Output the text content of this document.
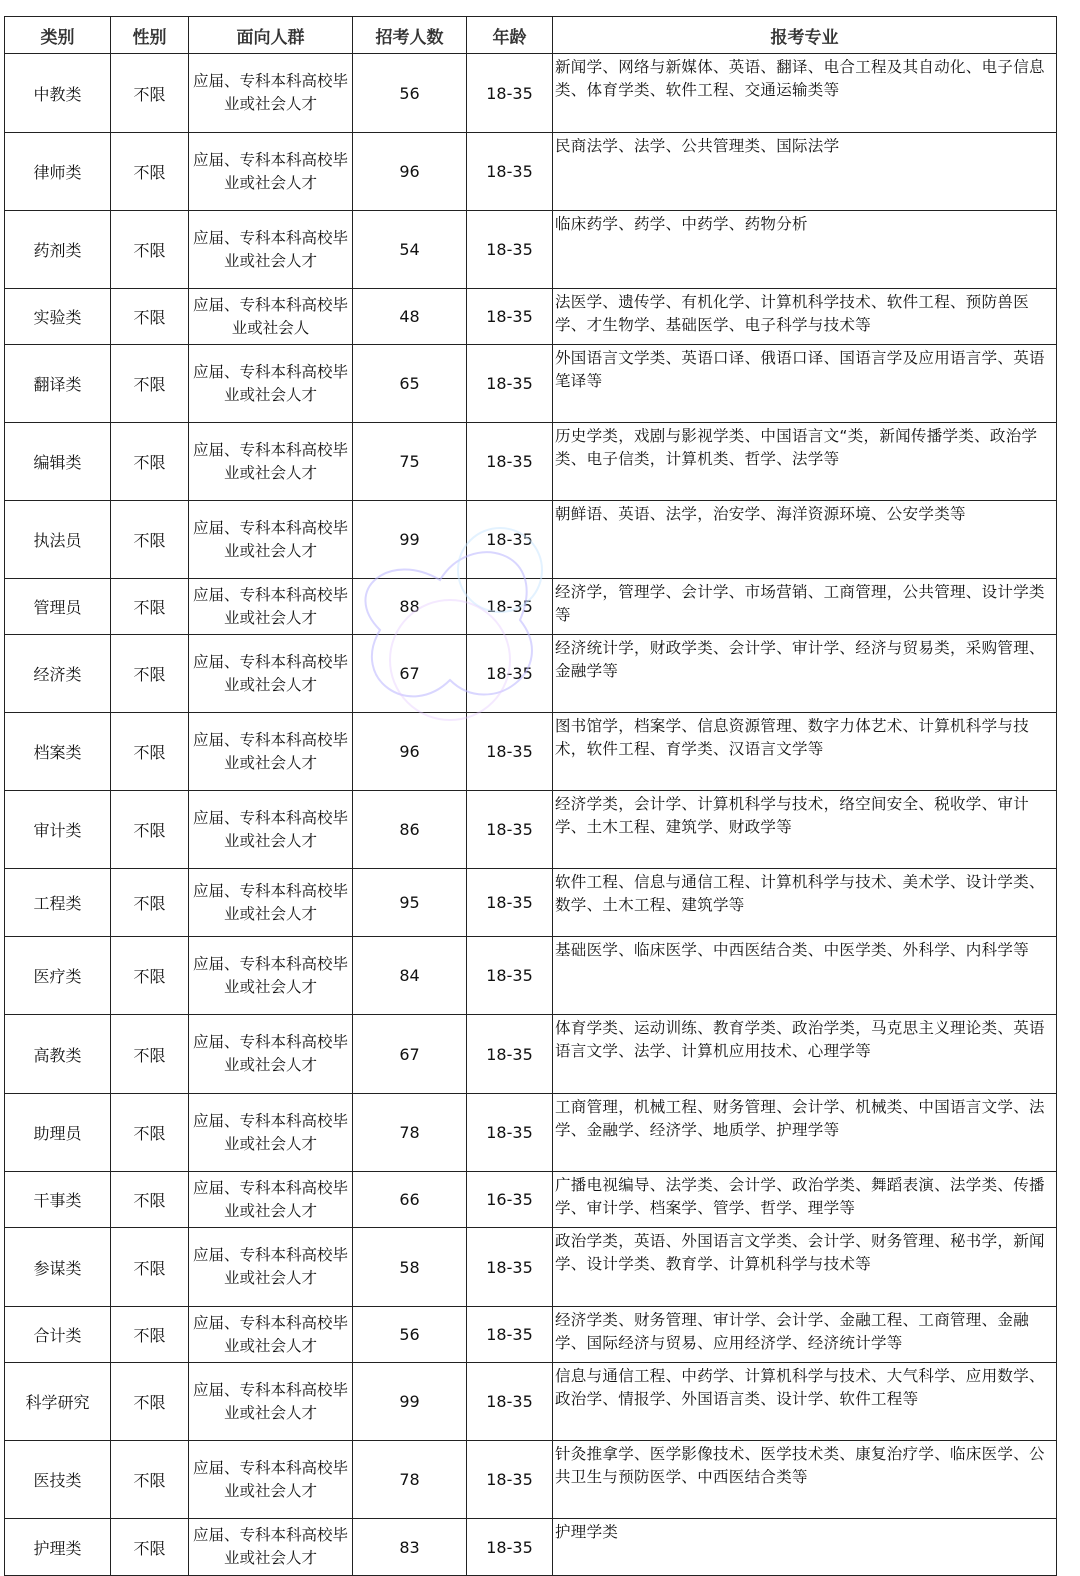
类别	性别	面向人群	招考人数	年龄	报考专业
中教类	不限	应届、专科本科高校毕业或社会人才	56	18-35	新闻学、网络与新媒体、英语、翻译、电合工程及其自动化、电子信息类、体育学类、软件工程、交通运输类等
律师类	不限	应届、专科本科高校毕业或社会人才	96	18-35	民商法学、法学、公共管理类、国际法学
药剂类	不限	应届、专科本科高校毕业或社会人才	54	18-35	临床药学、药学、中药学、药物分析
实验类	不限	应届、专科本科高校毕业或社会人	48	18-35	法医学、遗传学、有机化学、计算机科学技术、软件工程、预防兽医学、才生物学、基础医学、电子科学与技术等
翻译类	不限	应届、专科本科高校毕业或社会人才	65	18-35	外国语言文学类、英语口译、俄语口译、国语言学及应用语言学、英语笔译等
编辑类	不限	应届、专科本科高校毕业或社会人才	75	18-35	历史学类，戏剧与影视学类、中国语言文“类，新闻传播学类、政治学类、电子信类，计算机类、哲学、法学等
执法员	不限	应届、专科本科高校毕业或社会人才	99	18-35	朝鲜语、英语、法学，治安学、海洋资源环境、公安学类等
管理员	不限	应届、专科本科高校毕业或社会人才	88	18-35	经济学，管理学、会计学、市场营销、工商管理，公共管理、设计学类等
经济类	不限	应届、专科本科高校毕业或社会人才	67	18-35	经济统计学，财政学类、会计学、审计学、经济与贸易类，采购管理、金融学等
档案类	不限	应届、专科本科高校毕业或社会人才	96	18-35	图书馆学，档案学、信息资源管理、数字力体艺术、计算机科学与技术，软件工程、育学类、汉语言文学等
审计类	不限	应届、专科本科高校毕业或社会人才	86	18-35	经济学类，会计学、计算机科学与技术，络空间安全、税收学、审计学、土木工程、建筑学、财政学等
工程类	不限	应届、专科本科高校毕业或社会人才	95	18-35	软件工程、信息与通信工程、计算机科学与技术、美术学、设计学类、数学、土木工程、建筑学等
医疗类	不限	应届、专科本科高校毕业或社会人才	84	18-35	基础医学、临床医学、中西医结合类、中医学类、外科学、内科学等
高教类	不限	应届、专科本科高校毕业或社会人才	67	18-35	体育学类、运动训练、教育学类、政治学类，马克思主义理论类、英语语言文学、法学、计算机应用技术、心理学等
助理员	不限	应届、专科本科高校毕业或社会人才	78	18-35	工商管理，机械工程、财务管理、会计学、机械类、中国语言文学、法学、金融学、经济学、地质学、护理学等
干事类	不限	应届、专科本科高校毕业或社会人才	66	16-35	广播电视编导、法学类、会计学、政治学类、舞蹈表演、法学类、传播学、审计学、档案学、管学、哲学、理学等
参谋类	不限	应届、专科本科高校毕业或社会人才	58	18-35	政治学类，英语、外国语言文学类、会计学、财务管理、秘书学，新闻学、设计学类、教育学、计算机科学与技术等
合计类	不限	应届、专科本科高校毕业或社会人才	56	18-35	经济学类、财务管理、审计学、会计学、金融工程、工商管理、金融学、国际经济与贸易、应用经济学、经济统计学等
科学研究	不限	应届、专科本科高校毕业或社会人才	99	18-35	信息与通信工程、中药学、计算机科学与技术、大气科学、应用数学、政治学、情报学、外国语言类、设计学、软件工程等
医技类	不限	应届、专科本科高校毕业或社会人才	78	18-35	针灸推拿学、医学影像技术、医学技术类、康复治疗学、临床医学、公共卫生与预防医学、中西医结合类等
护理类	不限	应届、专科本科高校毕业或社会人才	83	18-35	护理学类
